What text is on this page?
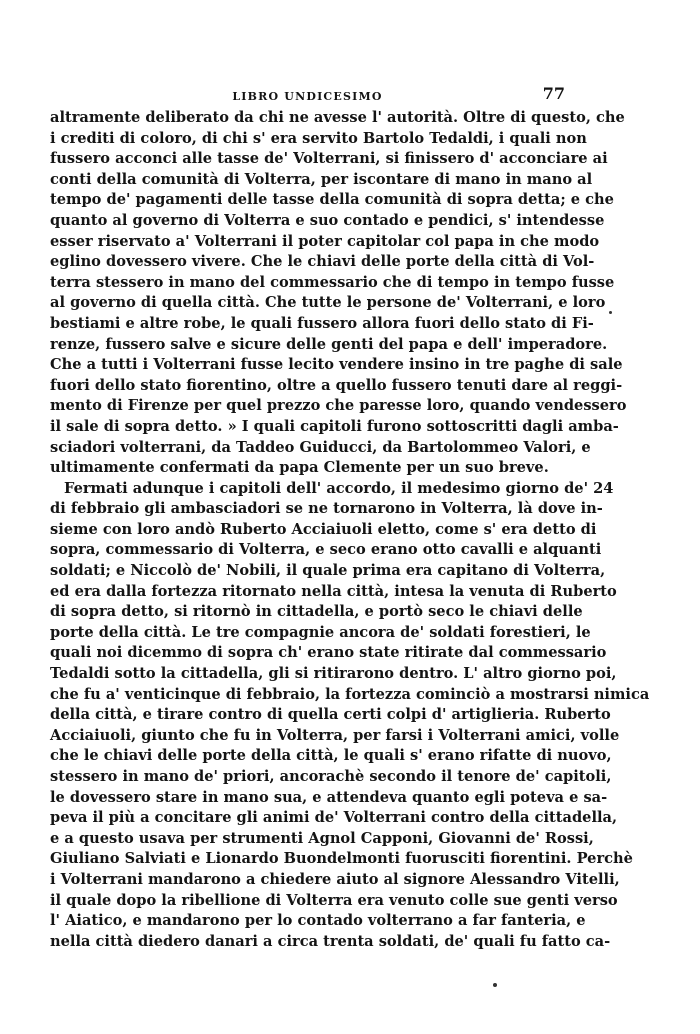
LIBRO UNDICESIMO	77
altramente deliberato da chi ne avesse l' autorità. Oltre di questo, che
i crediti di coloro, di chi s' era servito Bartolo Tedaldi, i quali non
fussero acconci alle tasse de' Volterrani, si finissero d' acconciare ai
conti della comunità di Volterra, per iscontare di mano in mano al
tempo de' pagamenti delle tasse della comunità di sopra detta; e che
quanto al governo di Volterra e suo contado e pendici, s' intendesse
esser riservato a' Volterrani il poter capitolar col papa in che modo
eglino dovessero vivere. Che le chiavi delle porte della città di Vol-
terra stessero in mano del commessario che di tempo in tempo fusse
al governo di quella città. Che tutte le persone de' Volterrani, e loro
bestiami e altre robe, le quali fussero allora fuori dello stato di Fi-
renze, fussero salve e sicure delle genti del papa e dell' imperadore.
Che a tutti i Volterrani fusse lecito vendere insino in tre paghe di sale
fuori dello stato fiorentino, oltre a quello fussero tenuti dare al reggi-
mento di Firenze per quel prezzo che paresse loro, quando vendessero
il sale di sopra detto. » I quali capitoli furono sottoscritti dagli amba-
sciadori volterrani, da Taddeo Guiducci, da Bartolommeo Valori, e
ultimamente confermati da papa Clemente per un suo breve.
Fermati adunque i capitoli dell' accordo, il medesimo giorno de' 24
di febbraio gli ambasciadori se ne tornarono in Volterra, là dove in-
sieme con loro andò Ruberto Acciaiuoli eletto, come s' era detto di
sopra, commessario di Volterra, e seco erano otto cavalli e alquanti
soldati; e Niccolò de' Nobili, il quale prima era capitano di Volterra,
ed era dalla fortezza ritornato nella città, intesa la venuta di Ruberto
di sopra detto, si ritornò in cittadella, e portò seco le chiavi delle
porte della città. Le tre compagnie ancora de' soldati forestieri, le
quali noi dicemmo di sopra ch' erano state ritirate dal commessario
Tedaldi sotto la cittadella, gli si ritirarono dentro. L' altro giorno poi,
che fu a' venticinque di febbraio, la fortezza cominciò a mostrarsi nimica
della città, e tirare contro di quella certi colpi d' artiglieria. Ruberto
Acciaiuoli, giunto che fu in Volterra, per farsi i Volterrani amici, volle
che le chiavi delle porte della città, le quali s' erano rifatte di nuovo,
stessero in mano de' priori, ancorachè secondo il tenore de' capitoli,
le dovessero stare in mano sua, e attendeva quanto egli poteva e sa-
peva il più a concitare gli animi de' Volterrani contro della cittadella,
e a questo usava per strumenti Agnol Capponi, Giovanni de' Rossi,
Giuliano Salviati e Lionardo Buondelmonti fuorusciti fiorentini. Perchè
i Volterrani mandarono a chiedere aiuto al signore Alessandro Vitelli,
il quale dopo la ribellione di Volterra era venuto colle sue genti verso
l' Aiatico, e mandarono per lo contado volterrano a far fanteria, e
nella città diedero danari a circa trenta soldati, de' quali fu fatto ca-
